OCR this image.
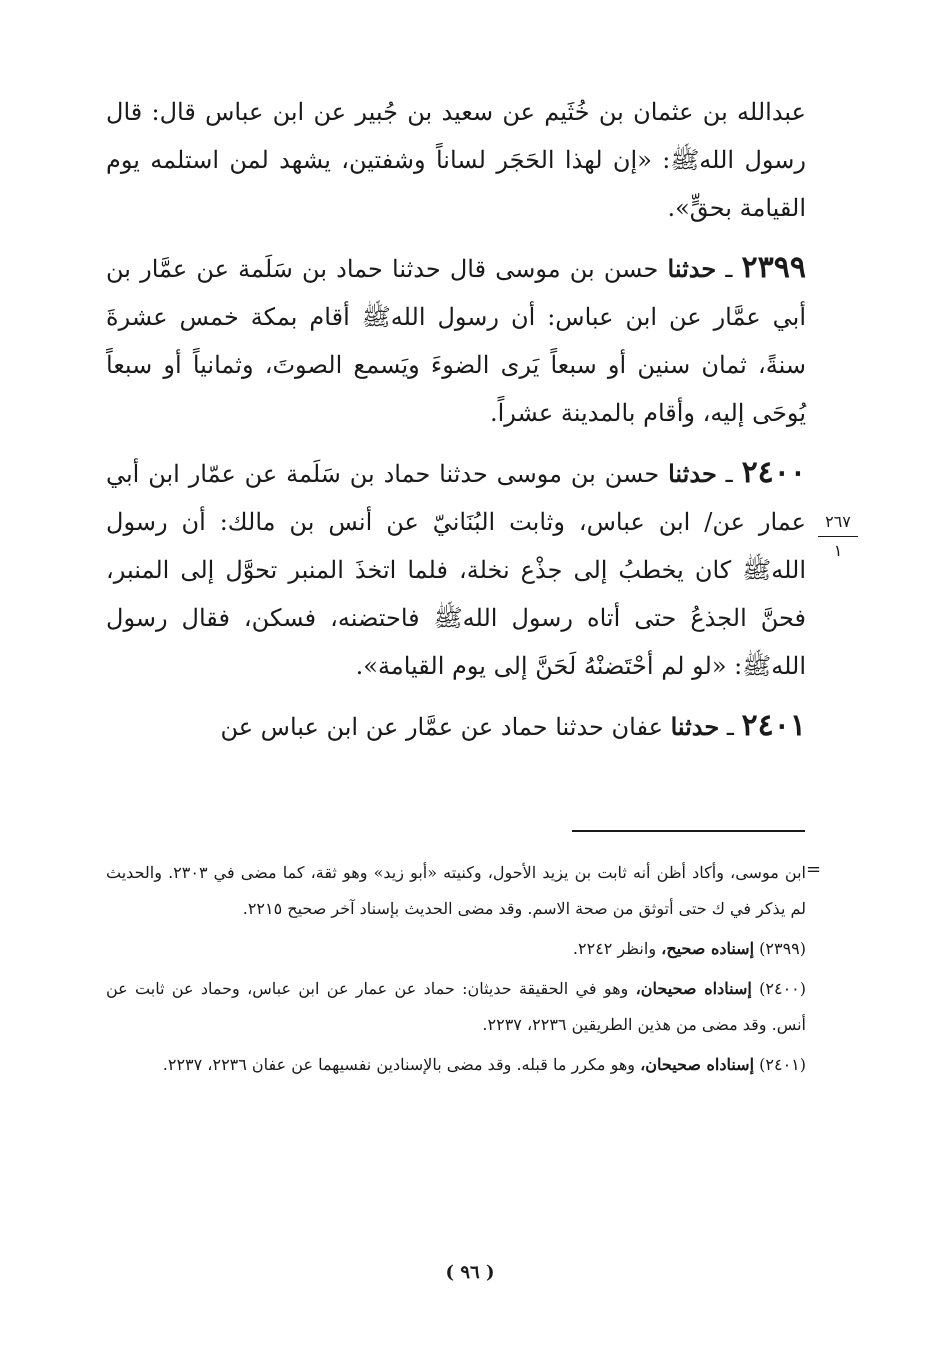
عبدالله بن عثمان بن خُثَيم عن سعيد بن جُبير عن ابن عباس قال: قال رسول اللهﷺ: «إن لهذا الحَجَر لساناً وشفتين، يشهد لمن استلمه يوم القيامة بحقٍّ».

٢٣٩٩ ـ حدثنا حسن بن موسى قال حدثنا حماد بن سَلَمة عن عمَّار بن أبي عمَّار عن ابن عباس: أن رسول اللهﷺ أقام بمكة خمس عشرةَ سنةً، ثمان سنين أو سبعاً يَرى الضوءَ ويَسمع الصوتَ، وثمانياً أو سبعاً يُوحَى إليه، وأقام بالمدينة عشراً.

٢٤٠٠ ـ حدثنا حسن بن موسى حدثنا حماد بن سَلَمة عن عمّار ابن أبي عمار عن/ ابن عباس، وثابت البُنَانيّ عن أنس بن مالك: أن رسول اللهﷺ كان يخطبُ إلى جذْع نخلة، فلما اتخذَ المنبر تحوَّل إلى المنبر، فحنَّ الجذعُ حتى أتاه رسول اللهﷺ فاحتضنه، فسكن، فقال رسول اللهﷺ: «لو لم أحْتَضنْهُ لَحَنَّ إلى يوم القيامة».

٢٤٠١ ـ حدثنا عفان حدثنا حماد عن عمَّار عن ابن عباس عن

٢٦٧
١
=

ابن موسى، وأكاد أظن أنه ثابت بن يزيد الأحول، وكنيته «أبو زيد» وهو ثقة، كما مضى في ٢٣٠٣. والحديث لم يذكر في ك حتى أتوثق من صحة الاسم. وقد مضى الحديث بإسناد آخر صحيح ٢٢١٥.

(٢٣٩٩) إسناده صحيح، وانظر ٢٢٤٢.

(٢٤٠٠) إسناداه صحيحان، وهو في الحقيقة حديثان: حماد عن عمار عن ابن عباس، وحماد عن ثابت عن أنس. وقد مضى من هذين الطريقين ٢٢٣٦، ٢٢٣٧.

(٢٤٠١) إسناداه صحيحان، وهو مكرر ما قبله. وقد مضى بالإسنادين نفسيهما عن عفان ٢٢٣٦، ٢٢٣٧.

( ٩٦ )
